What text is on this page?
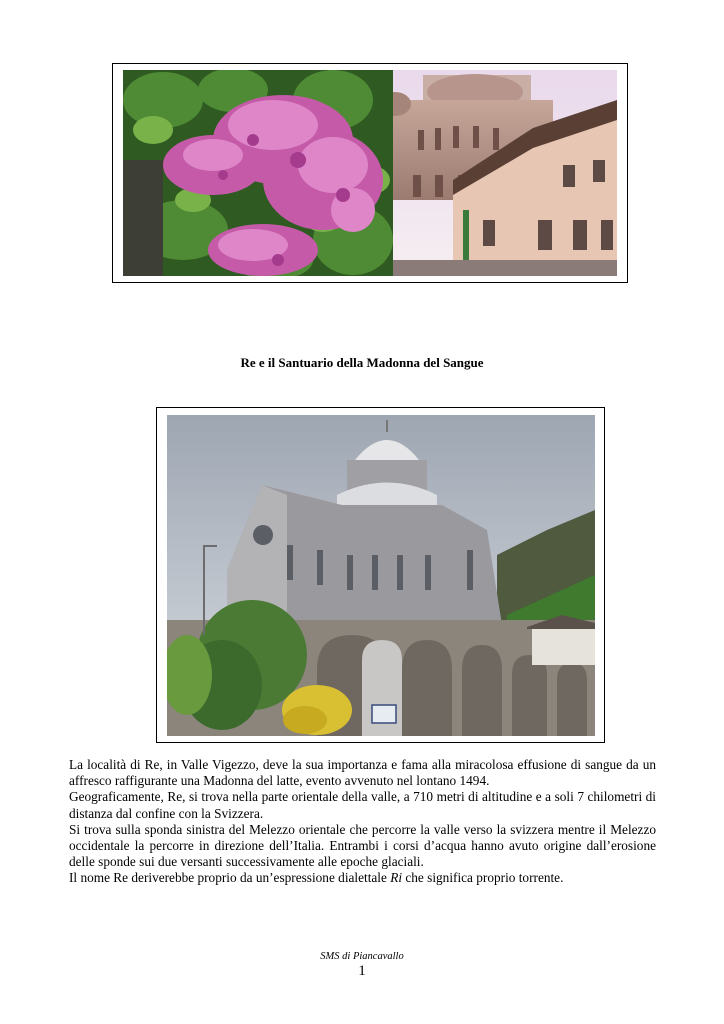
Re e il Santuario della Madonna del Sangue

La località di Re, in Valle Vigezzo, deve la sua importanza e fama alla miracolosa effusione di sangue da un affresco raffigurante una Madonna del latte, evento avvenuto nel lontano 1494.

Geograficamente, Re, si trova nella parte orientale della valle, a 710 metri di altitudine e a soli 7 chilometri di distanza dal confine con la Svizzera.

Si trova sulla sponda sinistra del Melezzo orientale che percorre la valle verso la svizzera mentre il Melezzo occidentale la percorre in direzione dell’Italia. Entrambi i corsi d’acqua hanno avuto origine dall’erosione delle sponde sui due versanti successivamente alle epoche glaciali.

Il nome Re deriverebbe proprio da un’espressione dialettale Ri che significa proprio torrente.

SMS di Piancavallo
1
